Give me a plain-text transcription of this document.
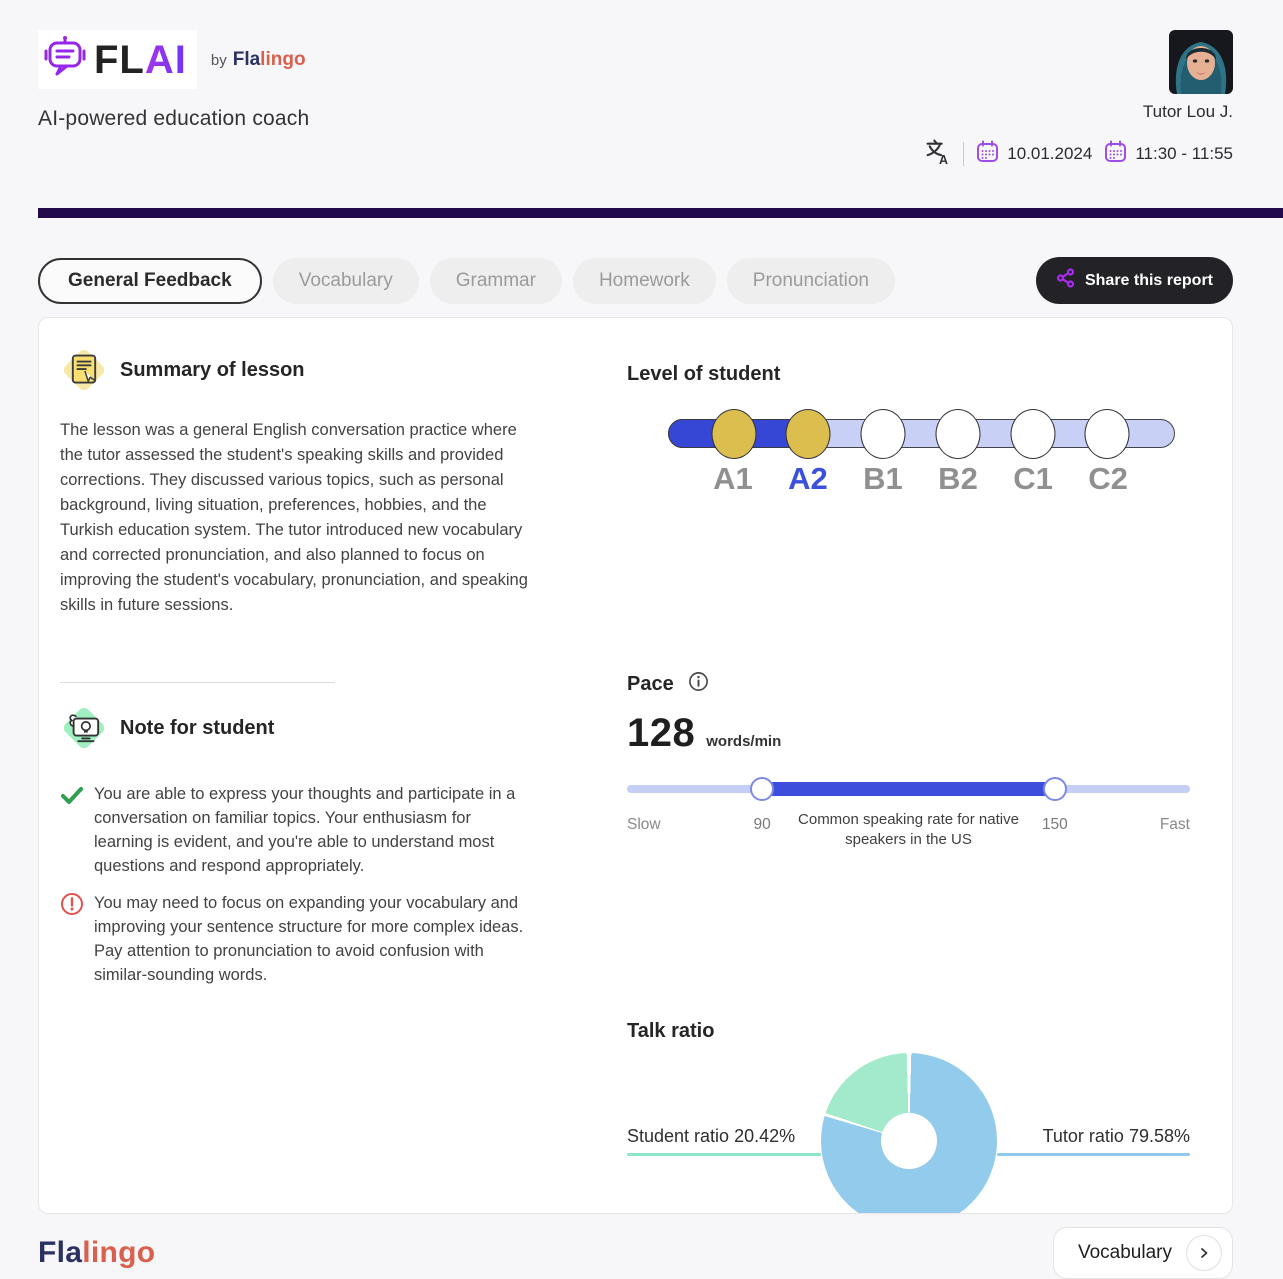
FLAI by Flalingo
AI-powered education coach	Tutor Lou J.
A	10.01.2024	11:30 - 11:55
General Feedback	Vocabulary	Grammar	Homework	Pronunciation	Share this report
Summary of lesson

The lesson was a general English conversation practice where the tutor assessed the student's speaking skills and provided corrections. They discussed various topics, such as personal background, living situation, preferences, hobbies, and the Turkish education system. The tutor introduced new vocabulary and corrected pronunciation, and also planned to focus on improving the student's vocabulary, pronunciation, and speaking skills in future sessions.

Note for student

You are able to express your thoughts and participate in a conversation on familiar topics. Your enthusiasm for learning is evident, and you're able to understand most questions and respond appropriately.

You may need to focus on expanding your vocabulary and improving your sentence structure for more complex ideas. Pay attention to pronunciation to avoid confusion with similar-sounding words.

Level of student
A1 A2 B1 B2 C1 C2
Pace
128 words/min
Slow	90	Common speaking rate for native speakers in the US
150	Fast
Talk ratio
Student ratio 20.42%	Tutor ratio 79.58%
Flalingo	Vocabulary
